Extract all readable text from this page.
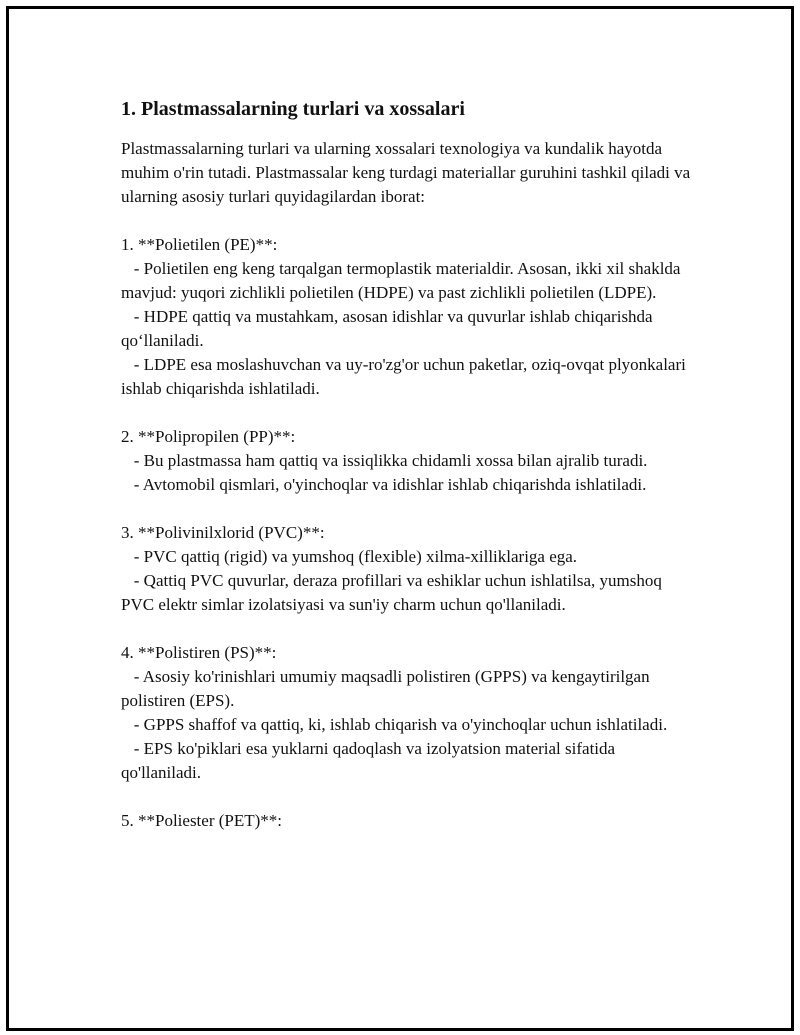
1. Plastmassalarning turlari va xossalari
Plastmassalarning turlari va ularning xossalari texnologiya va kundalik hayotda muhim o'rin tutadi. Plastmassalar keng turdagi materiallar guruhini tashkil qiladi va ularning asosiy turlari quyidagilardan iborat:
1. **Polietilen (PE)**:
- Polietilen eng keng tarqalgan termoplastik materialdir. Asosan, ikki xil shaklda mavjud: yuqori zichlikli polietilen (HDPE) va past zichlikli polietilen (LDPE).
- HDPE qattiq va mustahkam, asosan idishlar va quvurlar ishlab chiqarishda qo‘llaniladi.
- LDPE esa moslashuvchan va uy-ro'zg'or uchun paketlar, oziq-ovqat plyonkalari ishlab chiqarishda ishlatiladi.
2. **Polipropilen (PP)**:
- Bu plastmassa ham qattiq va issiqlikka chidamli xossa bilan ajralib turadi.
- Avtomobil qismlari, o'yinchoqlar va idishlar ishlab chiqarishda ishlatiladi.
3. **Polivinilxlorid (PVC)**:
- PVC qattiq (rigid) va yumshoq (flexible) xilma-xilliklariga ega.
- Qattiq PVC quvurlar, deraza profillari va eshiklar uchun ishlatilsa, yumshoq PVC elektr simlar izolatsiyasi va sun'iy charm uchun qo'llaniladi.
4. **Polistiren (PS)**:
- Asosiy ko'rinishlari umumiy maqsadli polistiren (GPPS) va kengaytirilgan polistiren (EPS).
- GPPS shaffof va qattiq, ki, ishlab chiqarish va o'yinchoqlar uchun ishlatiladi.
- EPS ko'piklari esa yuklarni qadoqlash va izolyatsion material sifatida qo'llaniladi.
5. **Poliester (PET)**:
